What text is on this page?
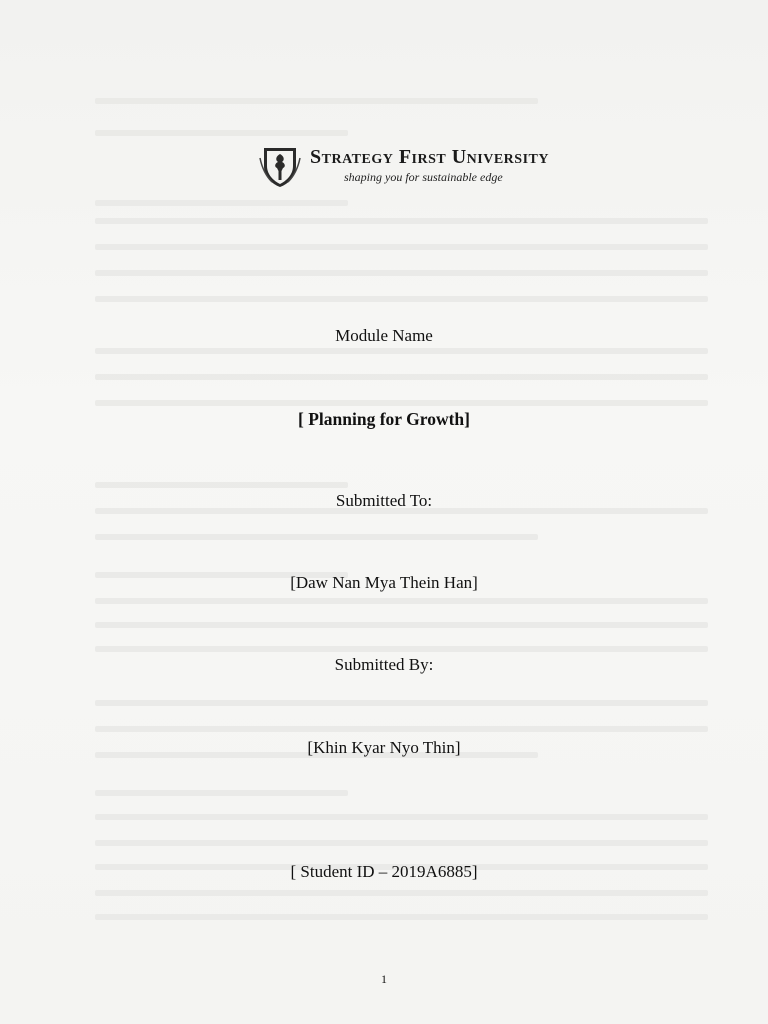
Strategy First University
shaping you for sustainable edge
Module Name
[ Planning for Growth]
Submitted To:
[Daw Nan Mya Thein Han]
Submitted By:
[Khin Kyar Nyo Thin]
[ Student ID – 2019A6885]
1
